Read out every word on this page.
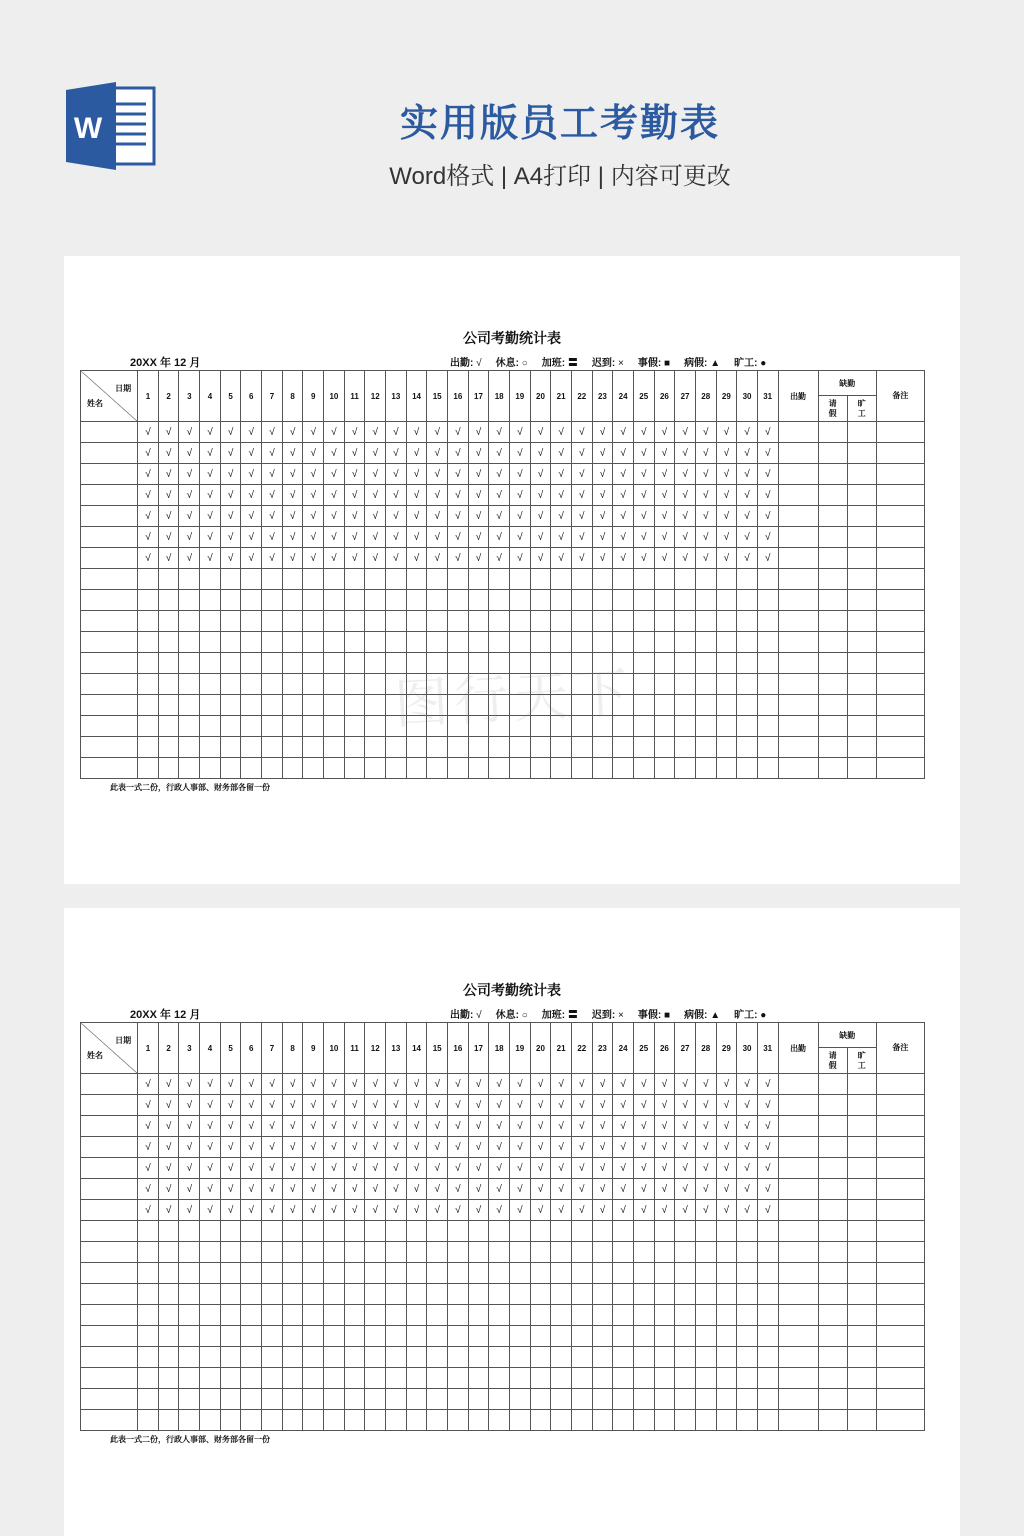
W	实用版员工考勤表
Word格式 | A4打印 | 内容可更改
公司考勤统计表
20XX 年 12 月	出勤: √ 休息: ○ 加班: 〓 迟到: × 事假: ■ 病假: ▲ 旷工: ●
日期
姓名	1	2	3	4	5	6	7	8	9	10	11	12	13	14	15	16	17	18	19	20	21	22	23	24	25	26	27	28	29	30	31	出勤	缺勤		备注
																																	请假	旷工	
	√	√	√	√	√	√	√	√	√	√	√	√	√	√	√	√	√	√	√	√	√	√	√	√	√	√	√	√	√	√	√				
	√	√	√	√	√	√	√	√	√	√	√	√	√	√	√	√	√	√	√	√	√	√	√	√	√	√	√	√	√	√	√				
	√	√	√	√	√	√	√	√	√	√	√	√	√	√	√	√	√	√	√	√	√	√	√	√	√	√	√	√	√	√	√				
	√	√	√	√	√	√	√	√	√	√	√	√	√	√	√	√	√	√	√	√	√	√	√	√	√	√	√	√	√	√	√				
	√	√	√	√	√	√	√	√	√	√	√	√	√	√	√	√	√	√	√	√	√	√	√	√	√	√	√	√	√	√	√				
	√	√	√	√	√	√	√	√	√	√	√	√	√	√	√	√	√	√	√	√	√	√	√	√	√	√	√	√	√	√	√				
	√	√	√	√	√	√	√	√	√	√	√	√	√	√	√	√	√	√	√	√	√	√	√	√	√	√	√	√	√	√	√				

此表一式二份，行政人事部、财务部各留一份
图行天下
公司考勤统计表
20XX 年 12 月	出勤: √ 休息: ○ 加班: 〓 迟到: × 事假: ■ 病假: ▲ 旷工: ●
日期
姓名	1	2	3	4	5	6	7	8	9	10	11	12	13	14	15	16	17	18	19	20	21	22	23	24	25	26	27	28	29	30	31	出勤	缺勤		备注
																																	请假	旷工	
	√	√	√	√	√	√	√	√	√	√	√	√	√	√	√	√	√	√	√	√	√	√	√	√	√	√	√	√	√	√	√				
	√	√	√	√	√	√	√	√	√	√	√	√	√	√	√	√	√	√	√	√	√	√	√	√	√	√	√	√	√	√	√				
	√	√	√	√	√	√	√	√	√	√	√	√	√	√	√	√	√	√	√	√	√	√	√	√	√	√	√	√	√	√	√				
	√	√	√	√	√	√	√	√	√	√	√	√	√	√	√	√	√	√	√	√	√	√	√	√	√	√	√	√	√	√	√				
	√	√	√	√	√	√	√	√	√	√	√	√	√	√	√	√	√	√	√	√	√	√	√	√	√	√	√	√	√	√	√				
	√	√	√	√	√	√	√	√	√	√	√	√	√	√	√	√	√	√	√	√	√	√	√	√	√	√	√	√	√	√	√				
	√	√	√	√	√	√	√	√	√	√	√	√	√	√	√	√	√	√	√	√	√	√	√	√	√	√	√	√	√	√	√				

此表一式二份，行政人事部、财务部各留一份
